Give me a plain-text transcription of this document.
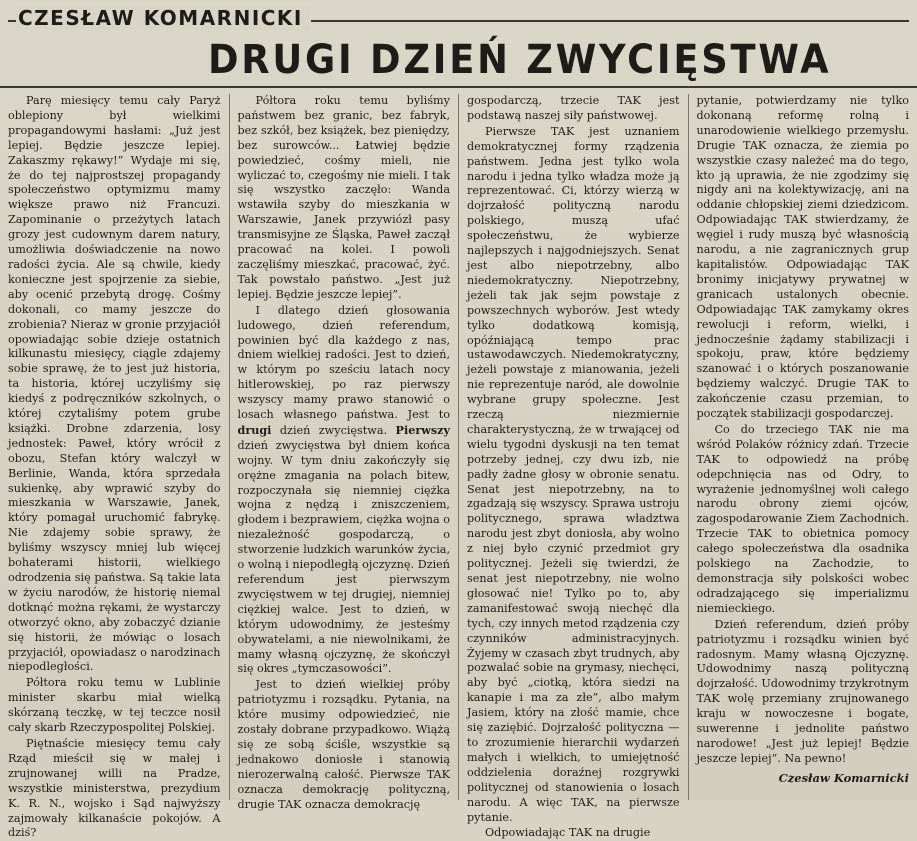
CZESŁAW KOMARNICKI
DRUGI DZIEŃ ZWYCIĘSTWA

Parę miesięcy temu cały Paryż oblepiony był wielkimi propagandowymi hasłami: „Już jest lepiej. Będzie jeszcze lepiej. Zakaszmy rękawy!” Wydaje mi się, że do tej najprostszej propagandy społeczeństwo optymizmu mamy większe prawo niż Francuzi. Zapominanie o przeżytych latach grozy jest cudownym darem natury, umożliwia doświadczenie na nowo radości życia. Ale są chwile, kiedy konieczne jest spojrzenie za siebie, aby ocenić przebytą drogę. Cośmy dokonali, co mamy jeszcze do zrobienia? Nieraz w gronie przyjaciół opowiadając sobie dzieje ostatnich kilkunastu miesięcy, ciągle zdajemy sobie sprawę, że to jest już historia, ta historia, której uczyliśmy się kiedyś z podręczników szkolnych, o której czytaliśmy potem grube książki. Drobne zdarzenia, losy jednostek: Paweł, który wrócił z obozu, Stefan który walczył w Berlinie, Wanda, która sprzedała sukienkę, aby wprawić szyby do mieszkania w Warszawie, Janek, który pomagał uruchomić fabrykę. Nie zdajemy sobie sprawy, że byliśmy wszyscy mniej lub więcej bohaterami historii, wielkiego odrodzenia się państwa. Są takie lata w życiu narodów, że historię niemal dotknąć można rękami, że wystarczy otworzyć okno, aby zobaczyć dzianie się historii, że mówiąc o losach przyjaciół, opowiadasz o narodzinach niepodległości.

Półtora roku temu w Lublinie minister skarbu miał wielką skórzaną teczkę, w tej teczce nosił cały skarb Rzeczypospolitej Polskiej.

Piętnaście miesięcy temu cały Rząd mieścił się w małej i zrujnowanej willi na Pradze, wszystkie ministerstwa, prezydium K. R. N., wojsko i Sąd najwyższy zajmowały kilkanaście pokojów. A dziś?

Półtora roku temu byliśmy państwem bez granic, bez fabryk, bez szkół, bez książek, bez pieniędzy, bez surowców... Łatwiej będzie powiedzieć, cośmy mieli, nie wyliczać to, czegośmy nie mieli. I tak się wszystko zaczęło: Wanda wstawiła szyby do mieszkania w Warszawie, Janek przywiózł pasy transmisyjne ze Śląska, Paweł zaczął pracować na kolei. I powoli zaczęliśmy mieszkać, pracować, żyć. Tak powstało państwo. „Jest już lepiej. Będzie jeszcze lepiej”.

I dlatego dzień głosowania ludowego, dzień referendum, powinien być dla każdego z nas, dniem wielkiej radości. Jest to dzień, w którym po sześciu latach nocy hitlerowskiej, po raz pierwszy wszyscy mamy prawo stanowić o losach własnego państwa. Jest to drugi dzień zwycięstwa. Pierwszy dzień zwycięstwa był dniem końca wojny. W tym dniu zakończyły się orężne zmagania na polach bitew, rozpoczynała się niemniej ciężka wojna z nędzą i zniszczeniem, głodem i bezprawiem, ciężka wojna o niezależność gospodarczą, o stworzenie ludzkich warunków życia, o wolną i niepodległą ojczyznę. Dzień referendum jest pierwszym zwycięstwem w tej drugiej, niemniej ciężkiej walce. Jest to dzień, w którym udowodnimy, że jesteśmy obywatelami, a nie niewolnikami, że mamy własną ojczyznę, że skończył się okres „tymczasowości”.

Jest to dzień wielkiej próby patriotyzmu i rozsądku. Pytania, na które musimy odpowiedzieć, nie zostały dobrane przypadkowo. Wiążą się ze sobą ściśle, wszystkie są jednakowo doniosłe i stanowią nierozerwalną całość. Pierwsze TAK oznacza demokrację polityczną, drugie TAK oznacza demokrację

gospodarczą, trzecie TAK jest podstawą naszej siły państwowej.

Pierwsze TAK jest uznaniem demokratycznej formy rządzenia państwem. Jedna jest tylko wola narodu i jedna tylko władza może ją reprezentować. Ci, którzy wierzą w dojrzałość polityczną narodu polskiego, muszą ufać społeczeństwu, że wybierze najlepszych i najgodniejszych. Senat jest albo niepotrzebny, albo niedemokratyczny. Niepotrzebny, jeżeli tak jak sejm powstaje z powszechnych wyborów. Jest wtedy tylko dodatkową komisją, opóźniającą tempo prac ustawodawczych. Niedemokratyczny, jeżeli powstaje z mianowania, jeżeli nie reprezentuje naród, ale dowolnie wybrane grupy społeczne. Jest rzeczą niezmiernie charakterystyczną, że w trwającej od wielu tygodni dyskusji na ten temat potrzeby jednej, czy dwu izb, nie padły żadne głosy w obronie senatu. Senat jest niepotrzebny, na to zgadzają się wszyscy. Sprawa ustroju politycznego, sprawa władztwa narodu jest zbyt doniosła, aby wolno z niej było czynić przedmiot gry politycznej. Jeżeli się twierdzi, że senat jest niepotrzebny, nie wolno głosować nie! Tylko po to, aby zamanifestować swoją niechęć dla tych, czy innych metod rządzenia czy czynników administracyjnych. Żyjemy w czasach zbyt trudnych, aby pozwalać sobie na grymasy, niechęci, aby być „ciotką, która siedzi na kanapie i ma za złe”, albo małym Jasiem, który na złość mamie, chce się zaziębić. Dojrzałość polityczna — to zrozumienie hierarchii wydarzeń małych i wielkich, to umiejętność oddzielenia doraźnej rozgrywki politycznej od stanowienia o losach narodu. A więc TAK, na pierwsze pytanie.

Odpowiadając TAK na drugie

pytanie, potwierdzamy nie tylko dokonaną reformę rolną i unarodowienie wielkiego przemysłu. Drugie TAK oznacza, że ziemia po wszystkie czasy należeć ma do tego, kto ją uprawia, że nie zgodzimy się nigdy ani na kolektywizację, ani na oddanie chłopskiej ziemi dziedzicom. Odpowiadając TAK stwierdzamy, że węgiel i rudy muszą być własnością narodu, a nie zagranicznych grup kapitalistów. Odpowiadając TAK bronimy inicjatywy prywatnej w granicach ustalonych obecnie. Odpowiadając TAK zamykamy okres rewolucji i reform, wielki, i jednocześnie żądamy stabilizacji i spokoju, praw, które będziemy szanować i o których poszanowanie będziemy walczyć. Drugie TAK to zakończenie czasu przemian, to początek stabilizacji gospodarczej.

Co do trzeciego TAK nie ma wśród Polaków różnicy zdań. Trzecie TAK to odpowiedź na próbę odepchnięcia nas od Odry, to wyrażenie jednomyślnej woli całego narodu obrony ziemi ojców, zagospodarowanie Ziem Zachodnich. Trzecie TAK to obietnica pomocy całego społeczeństwa dla osadnika polskiego na Zachodzie, to demonstracja siły polskości wobec odradzającego się imperializmu niemieckiego.

Dzień referendum, dzień próby patriotyzmu i rozsądku winien być radosnym. Mamy własną Ojczyznę. Udowodnimy naszą polityczną dojrzałość. Udowodnimy trzykrotnym TAK wolę przemiany zrujnowanego kraju w nowoczesne i bogate, suwerenne i jednolite państwo narodowe! „Jest już lepiej! Będzie jeszcze lepiej”. Na pewno!

Czesław Komarnicki
